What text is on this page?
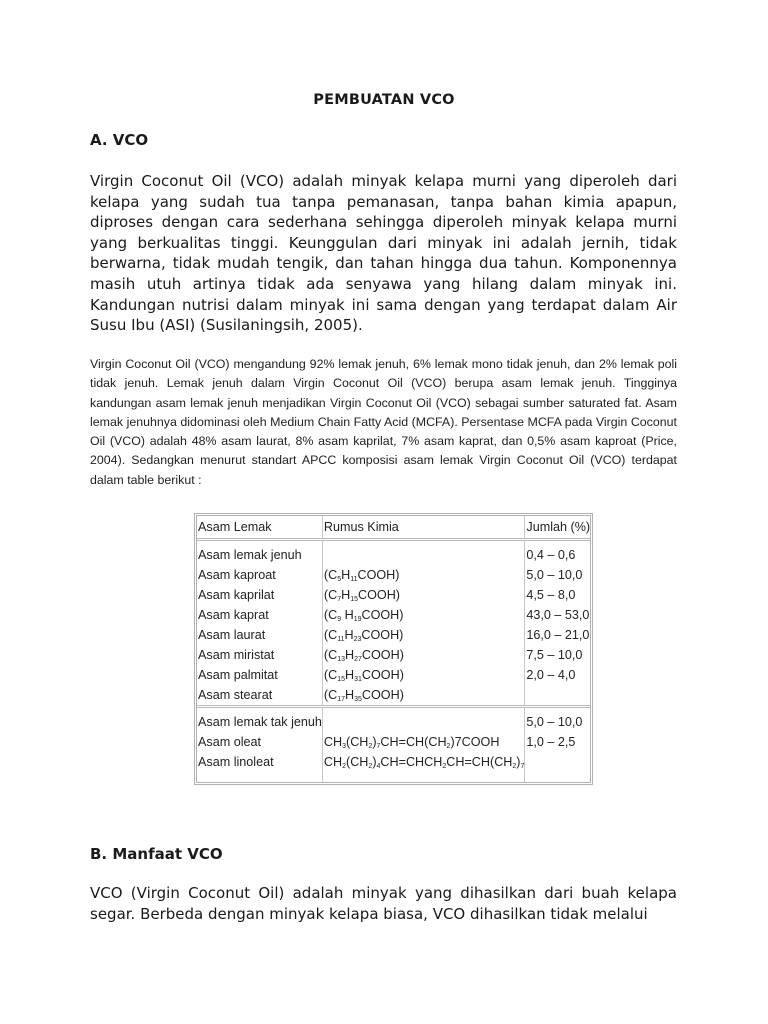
PEMBUATAN VCO
A. VCO
Virgin Coconut Oil (VCO) adalah minyak kelapa murni yang diperoleh dari kelapa yang sudah tua tanpa pemanasan, tanpa bahan kimia apapun, diproses dengan cara sederhana sehingga diperoleh minyak kelapa murni yang berkualitas tinggi. Keunggulan dari minyak ini adalah jernih, tidak berwarna, tidak mudah tengik, dan tahan hingga dua tahun. Komponennya masih utuh artinya tidak ada senyawa yang hilang dalam minyak ini. Kandungan nutrisi dalam minyak ini sama dengan yang terdapat dalam Air Susu Ibu (ASI) (Susilaningsih, 2005).
Virgin Coconut Oil (VCO) mengandung 92% lemak jenuh, 6% lemak mono tidak jenuh, dan 2% lemak poli tidak jenuh. Lemak jenuh dalam Virgin Coconut Oil (VCO) berupa asam lemak jenuh. Tingginya kandungan asam lemak jenuh menjadikan Virgin Coconut Oil (VCO) sebagai sumber saturated fat. Asam lemak jenuhnya didominasi oleh Medium Chain Fatty Acid (MCFA). Persentase MCFA pada Virgin Coconut Oil (VCO) adalah 48% asam laurat, 8% asam kaprilat, 7% asam kaprat, dan 0,5% asam kaproat (Price, 2004). Sedangkan menurut standart APCC komposisi asam lemak Virgin Coconut Oil (VCO) terdapat dalam table berikut :
Asam Lemak	Rumus Kimia	Jumlah (%)
Asam lemak jenuh		0,4 – 0,6
Asam kaproat	$(C_5H_{11}COOH)$	5,0 – 10,0
Asam kaprilat	$(C_7H_{15}COOH)$	4,5 – 8,0
Asam kaprat	($C_9$ $H_{19}COOH$)	43,0 – 53,0
Asam laurat	$(C_{11}H_{23}COOH)$	16,0 – 21,0
Asam miristat	$(C_{13}H_{27}COOH)$	7,5 – 10,0
Asam palmitat	$(C_{15}H_{31}COOH)$	2,0 – 4,0
Asam stearat	$(C_{17}H_{35}COOH)$	
Asam lemak tak jenuh		5,0 – 10,0
Asam oleat	$CH_3(CH_2)_7CH=CH(CH_2)7COOH$	1,0 – 2,5
Asam linoleat	$CH_2(CH_2)_4CH=CHCH_2CH=CH(CH_2)_7$	
B. Manfaat VCO
VCO (Virgin Coconut Oil) adalah minyak yang dihasilkan dari buah kelapa segar. Berbeda dengan minyak kelapa biasa, VCO dihasilkan tidak melalui
